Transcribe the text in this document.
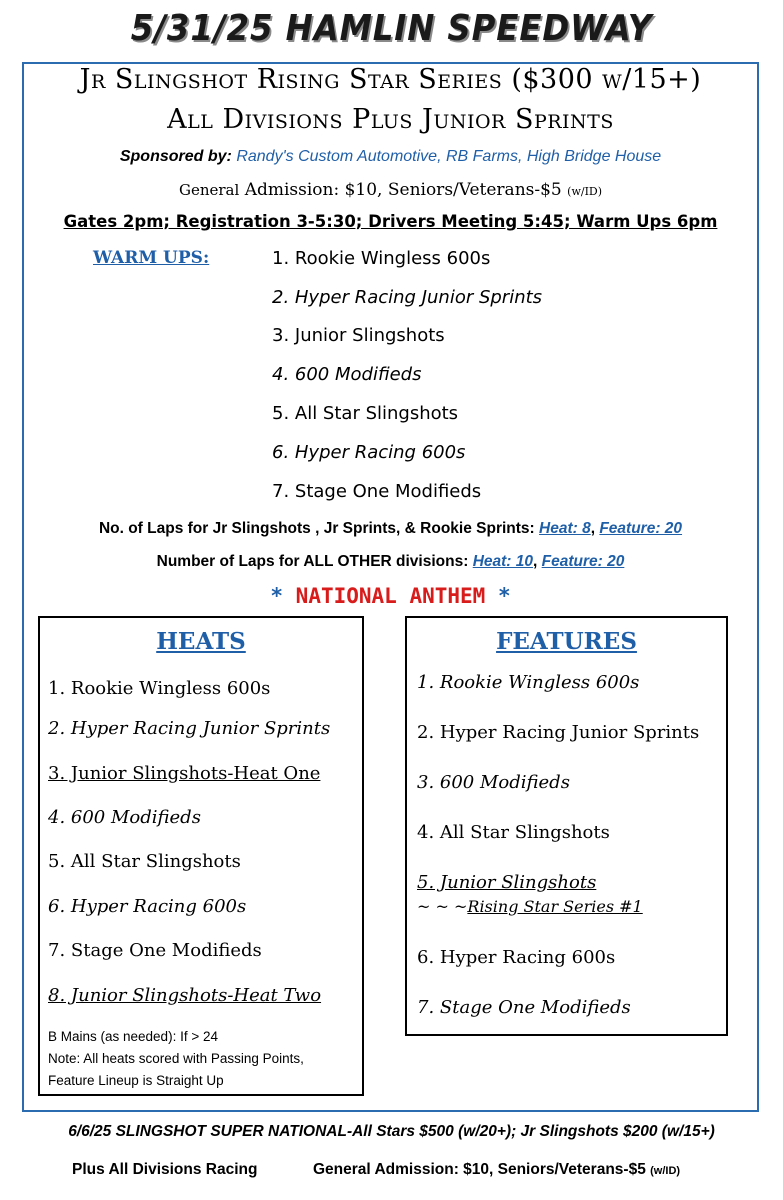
5/31/25 HAMLIN SPEEDWAY
Jr Slingshot Rising Star Series ($300 w/15+)
All Divisions Plus Junior Sprints
Sponsored by: Randy's Custom Automotive, RB Farms, High Bridge House
General Admission: $10, Seniors/Veterans-$5 (w/ID)
Gates 2pm; Registration 3-5:30; Drivers Meeting 5:45; Warm Ups 6pm
WARM UPS:	1. Rookie Wingless 600s
2. Hyper Racing Junior Sprints
3. Junior Slingshots
4. 600 Modifieds
5. All Star Slingshots
6. Hyper Racing 600s
7. Stage One Modifieds
No. of Laps for Jr Slingshots , Jr Sprints, & Rookie Sprints: Heat: 8, Feature: 20
Number of Laps for ALL OTHER divisions: Heat: 10, Feature: 20
* NATIONAL ANTHEM *
HEATS
1. Rookie Wingless 600s
2. Hyper Racing Junior Sprints
3. Junior Slingshots-Heat One
4. 600 Modifieds
5. All Star Slingshots
6. Hyper Racing 600s
7. Stage One Modifieds
8. Junior Slingshots-Heat Two
B Mains (as needed): If > 24
Note: All heats scored with Passing Points,
Feature Lineup is Straight Up
FEATURES
1. Rookie Wingless 600s
2. Hyper Racing Junior Sprints
3. 600 Modifieds
4. All Star Slingshots
5. Junior Slingshots
~ ~ ~Rising Star Series #1
6. Hyper Racing 600s
7. Stage One Modifieds
6/6/25 SLINGSHOT SUPER NATIONAL-All Stars $500 (w/20+); Jr Slingshots $200 (w/15+)
Plus All Divisions Racing	General Admission: $10, Seniors/Veterans-$5 (w/ID)
